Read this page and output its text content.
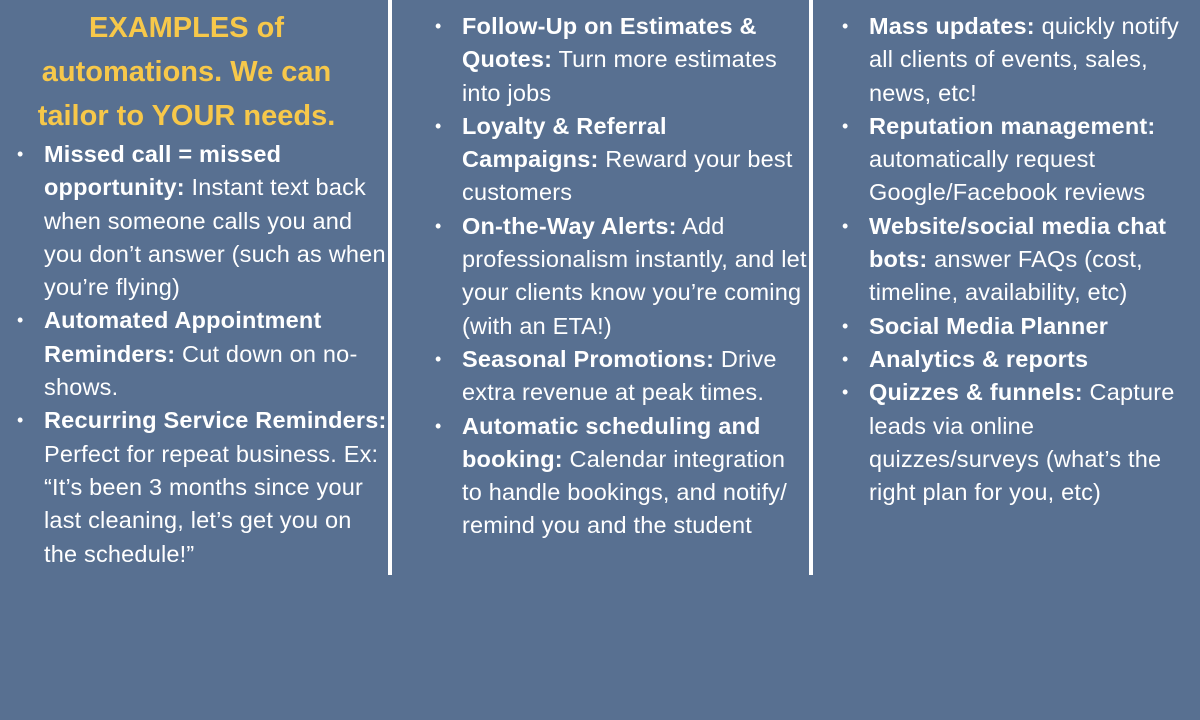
EXAMPLES of automations. We can tailor to YOUR needs.
• Missed call = missed opportunity: Instant text back when someone calls you and you don’t answer (such as when you’re flying)
• Automated Appointment Reminders: Cut down on no-shows.
• Recurring Service Reminders: Perfect for repeat business. Ex: “It’s been 3 months since your last cleaning, let’s get you on the schedule!”
• Follow-Up on Estimates & Quotes: Turn more estimates into jobs
• Loyalty & Referral Campaigns: Reward your best customers
• On-the-Way Alerts: Add professionalism instantly, and let your clients know you’re coming (with an ETA!)
• Seasonal Promotions: Drive extra revenue at peak times.
• Automatic scheduling and booking: Calendar integration to handle bookings, and notify/ remind you and the student
• Mass updates: quickly notify all clients of events, sales, news, etc!
• Reputation management: automatically request Google/Facebook reviews
• Website/social media chat bots: answer FAQs (cost, timeline, availability, etc)
• Social Media Planner
• Analytics & reports
• Quizzes & funnels: Capture leads via online quizzes/surveys (what’s the right plan for you, etc)
